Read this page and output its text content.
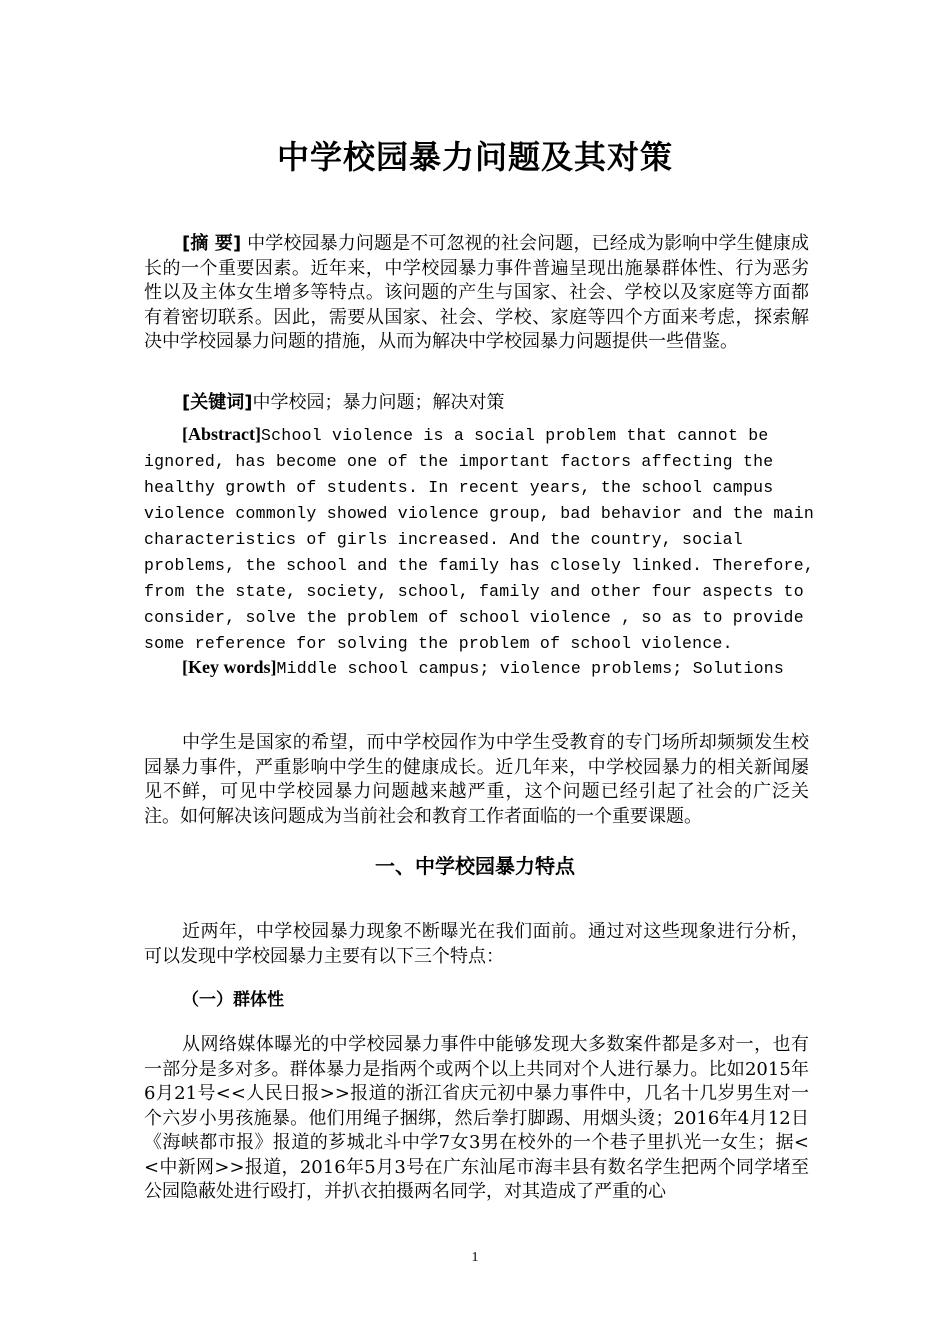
中学校园暴力问题及其对策

[摘 要] 中学校园暴力问题是不可忽视的社会问题，已经成为影响中学生健康成长的一个重要因素。近年来，中学校园暴力事件普遍呈现出施暴群体性、行为恶劣性以及主体女生增多等特点。该问题的产生与国家、社会、学校以及家庭等方面都有着密切联系。因此，需要从国家、社会、学校、家庭等四个方面来考虑，探索解决中学校园暴力问题的措施，从而为解决中学校园暴力问题提供一些借鉴。

[关键词]中学校园；暴力问题；解决对策

[Abstract]School violence is a social problem that cannot be ignored, has become one of the important factors affecting the healthy growth of students. In recent years, the school campus violence commonly showed violence group, bad behavior and the main characteristics of girls increased. And the country, social problems, the school and the family has closely linked. Therefore, from the state, society, school, family and other four aspects to consider, solve the problem of school violence , so as to provide some reference for solving the problem of school violence.

[Key words]Middle school campus; violence problems; Solutions

中学生是国家的希望，而中学校园作为中学生受教育的专门场所却频频发生校园暴力事件，严重影响中学生的健康成长。近几年来，中学校园暴力的相关新闻屡见不鲜，可见中学校园暴力问题越来越严重，这个问题已经引起了社会的广泛关注。如何解决该问题成为当前社会和教育工作者面临的一个重要课题。

一、中学校园暴力特点

近两年，中学校园暴力现象不断曝光在我们面前。通过对这些现象进行分析，可以发现中学校园暴力主要有以下三个特点：

（一）群体性

从网络媒体曝光的中学校园暴力事件中能够发现大多数案件都是多对一，也有一部分是多对多。群体暴力是指两个或两个以上共同对个人进行暴力。比如2015年6月21号<<人民日报>>报道的浙江省庆元初中暴力事件中，几名十几岁男生对一个六岁小男孩施暴。他们用绳子捆绑，然后拳打脚踢、用烟头烫；2016年4月12日《海峡都市报》报道的芗城北斗中学7女3男在校外的一个巷子里扒光一女生；据<<中新网>>报道，2016年5月3号在广东汕尾市海丰县有数名学生把两个同学堵至公园隐蔽处进行殴打，并扒衣拍摄两名同学，对其造成了严重的心

1
